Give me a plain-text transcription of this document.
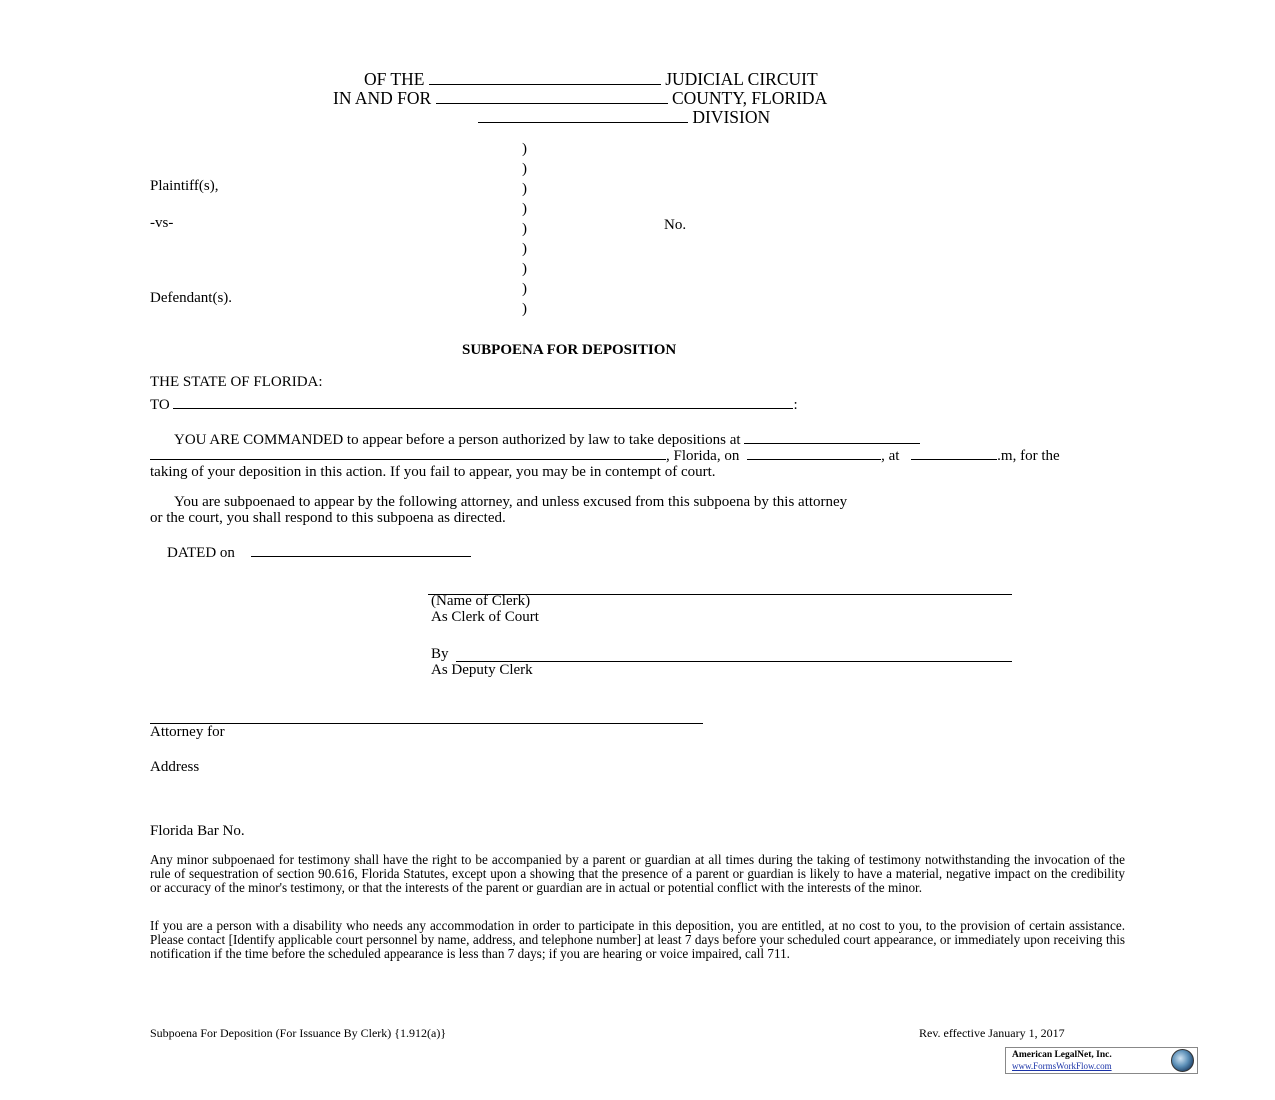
OF THE	JUDICIAL CIRCUIT
IN AND FOR	COUNTY, FLORIDA
DIVISION
)
)
)
)
)
)
)
)
)
Plaintiff(s),
-vs-	No.
Defendant(s).
SUBPOENA FOR DEPOSITION
THE STATE OF FLORIDA:
TO	:
YOU ARE COMMANDED to appear before a person authorized by law to take depositions at
, Florida, on	, at	.m, for the
taking of your deposition in this action. If you fail to appear, you may be in contempt of court.
You are subpoenaed to appear by the following attorney, and unless excused from this subpoena by this attorney
or the court, you shall respond to this subpoena as directed.
DATED on
(Name of Clerk)
As Clerk of Court
By
As Deputy Clerk
Attorney for
Address
Florida Bar No.
Any minor subpoenaed for testimony shall have the right to be accompanied by a parent or guardian at all times during the taking of testimony notwithstanding the invocation of the rule of sequestration of section 90.616, Florida Statutes, except upon a showing that the presence of a parent or guardian is likely to have a material, negative impact on the credibility or accuracy of the minor's testimony, or that the interests of the parent or guardian are in actual or potential conflict with the interests of the minor.
If you are a person with a disability who needs any accommodation in order to participate in this deposition, you are entitled, at no cost to you, to the provision of certain assistance. Please contact [Identify applicable court personnel by name, address, and telephone number] at least 7 days before your scheduled court appearance, or immediately upon receiving this notification if the time before the scheduled appearance is less than 7 days; if you are hearing or voice impaired, call 711.
Subpoena For Deposition (For Issuance By Clerk) {1.912(a)}	Rev. effective January 1, 2017
American LegalNet, Inc.
www.FormsWorkFlow.com
